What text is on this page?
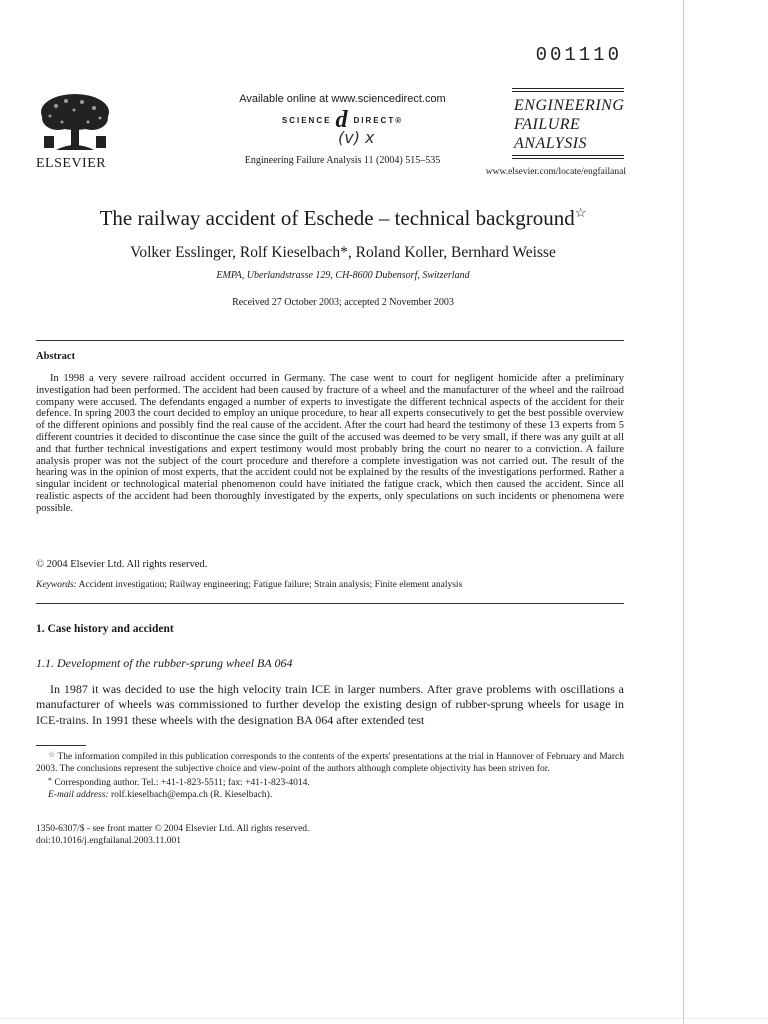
001110
ELSEVIER
Available online at www.sciencedirect.com
SCIENCE d DIRECT®
(v) x
Engineering Failure Analysis 11 (2004) 515–535
ENGINEERING
FAILURE
ANALYSIS
www.elsevier.com/locate/engfailanal
The railway accident of Eschede – technical background☆
Volker Esslinger, Rolf Kieselbach*, Roland Koller, Bernhard Weisse
EMPA, Uberlandstrasse 129, CH-8600 Dubensorf, Switzerland
Received 27 October 2003; accepted 2 November 2003
Abstract

In 1998 a very severe railroad accident occurred in Germany. The case went to court for negligent homicide after a preliminary investigation had been performed. The accident had been caused by fracture of a wheel and the manufacturer of the wheel and the railroad company were accused. The defendants engaged a number of experts to investigate the different technical aspects of the accident for their defence. In spring 2003 the court decided to employ an unique procedure, to hear all experts consecutively to get the best possible overview of the different opinions and possibly find the real cause of the accident. After the court had heard the testimony of these 13 experts from 5 different countries it decided to discontinue the case since the guilt of the accused was deemed to be very small, if there was any guilt at all and that further technical investigations and expert testimony would most probably bring the court no nearer to a conviction. A failure analysis proper was not the subject of the court procedure and therefore a complete investigation was not carried out. The result of the hearing was in the opinion of most experts, that the accident could not be explained by the results of the investigations performed. Rather a singular incident or technological material phenomenon could have initiated the fatigue crack, which then caused the accident. Since all realistic aspects of the accident had been thoroughly investigated by the experts, only speculations on such incidents or phenomena were possible.

© 2004 Elsevier Ltd. All rights reserved.
Keywords: Accident investigation; Railway engineering; Fatigue failure; Strain analysis; Finite element analysis
1. Case history and accident
1.1. Development of the rubber-sprung wheel BA 064

In 1987 it was decided to use the high velocity train ICE in larger numbers. After grave problems with oscillations a manufacturer of wheels was commissioned to further develop the existing design of rubber-sprung wheels for usage in ICE-trains. In 1991 these wheels with the designation BA 064 after extended test

☆ The information compiled in this publication corresponds to the contents of the experts' presentations at the trial in Hannover of February and March 2003. The conclusions represent the subjective choice and view-point of the authors although complete objectivity has been striven for.

* Corresponding author. Tel.: +41-1-823-5511; fax: +41-1-823-4014.

E-mail address: rolf.kieselbach@empa.ch (R. Kieselbach).
1350-6307/$ - see front matter © 2004 Elsevier Ltd. All rights reserved.
doi:10.1016/j.engfailanal.2003.11.001
